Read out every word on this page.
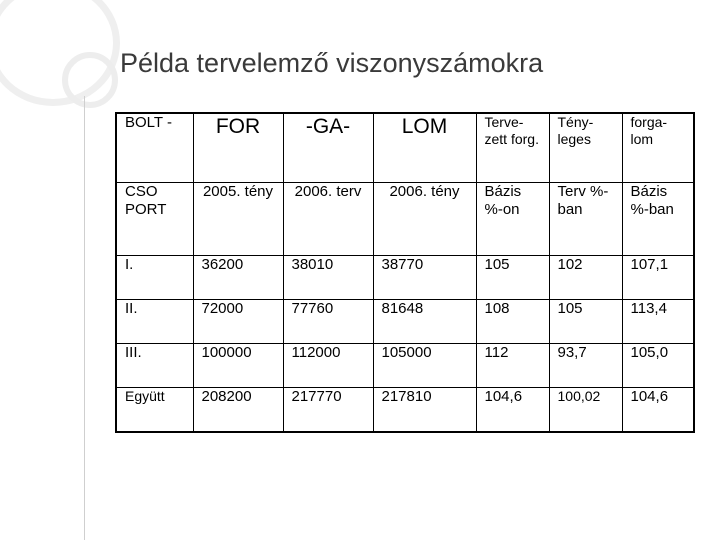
Példa tervelemző viszonyszámokra
BOLT -	FOR	-GA-	LOM	Terve-zett forg.	Tény-leges	forga-lom
CSO PORT	2005. tény	2006. terv	2006. tény	Bázis %-on	Terv %-ban	Bázis %-ban
I.	36200	38010	38770	105	102	107,1
II.	72000	77760	81648	108	105	113,4
III.	100000	112000	105000	112	93,7	105,0
Együtt	208200	217770	217810	104,6	100,02	104,6
